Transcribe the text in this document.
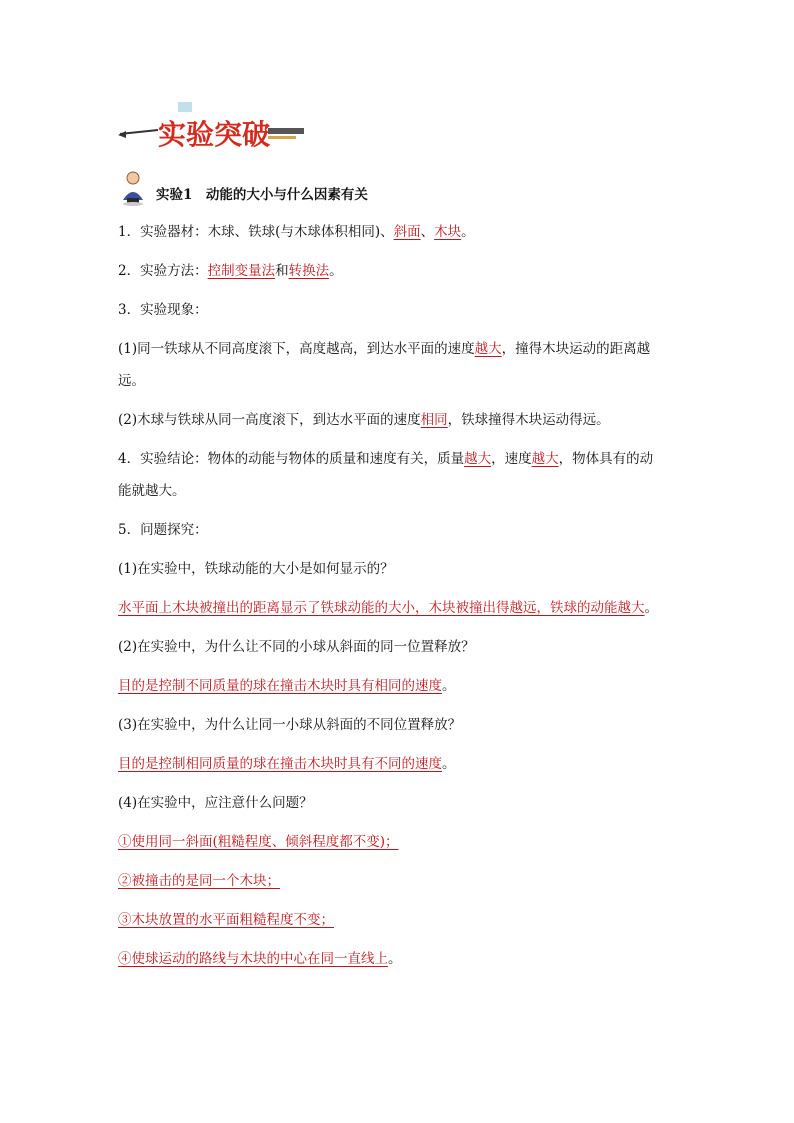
实验突破
实验1　动能的大小与什么因素有关
1．实验器材：木球、铁球(与木球体积相同)、斜面、木块。
2．实验方法：控制变量法和转换法。
3．实验现象：
(1)同一铁球从不同高度滚下，高度越高，到达水平面的速度越大，撞得木块运动的距离越
远。
(2)木球与铁球从同一高度滚下，到达水平面的速度相同，铁球撞得木块运动得远。
4．实验结论：物体的动能与物体的质量和速度有关，质量越大，速度越大，物体具有的动
能就越大。
5．问题探究：
(1)在实验中，铁球动能的大小是如何显示的？
水平面上木块被撞出的距离显示了铁球动能的大小，木块被撞出得越远，铁球的动能越大。
(2)在实验中，为什么让不同的小球从斜面的同一位置释放？
目的是控制不同质量的球在撞击木块时具有相同的速度。
(3)在实验中，为什么让同一小球从斜面的不同位置释放？
目的是控制相同质量的球在撞击木块时具有不同的速度。
(4)在实验中，应注意什么问题？
①使用同一斜面(粗糙程度、倾斜程度都不变)；
②被撞击的是同一个木块；
③木块放置的水平面粗糙程度不变；
④使球运动的路线与木块的中心在同一直线上。
